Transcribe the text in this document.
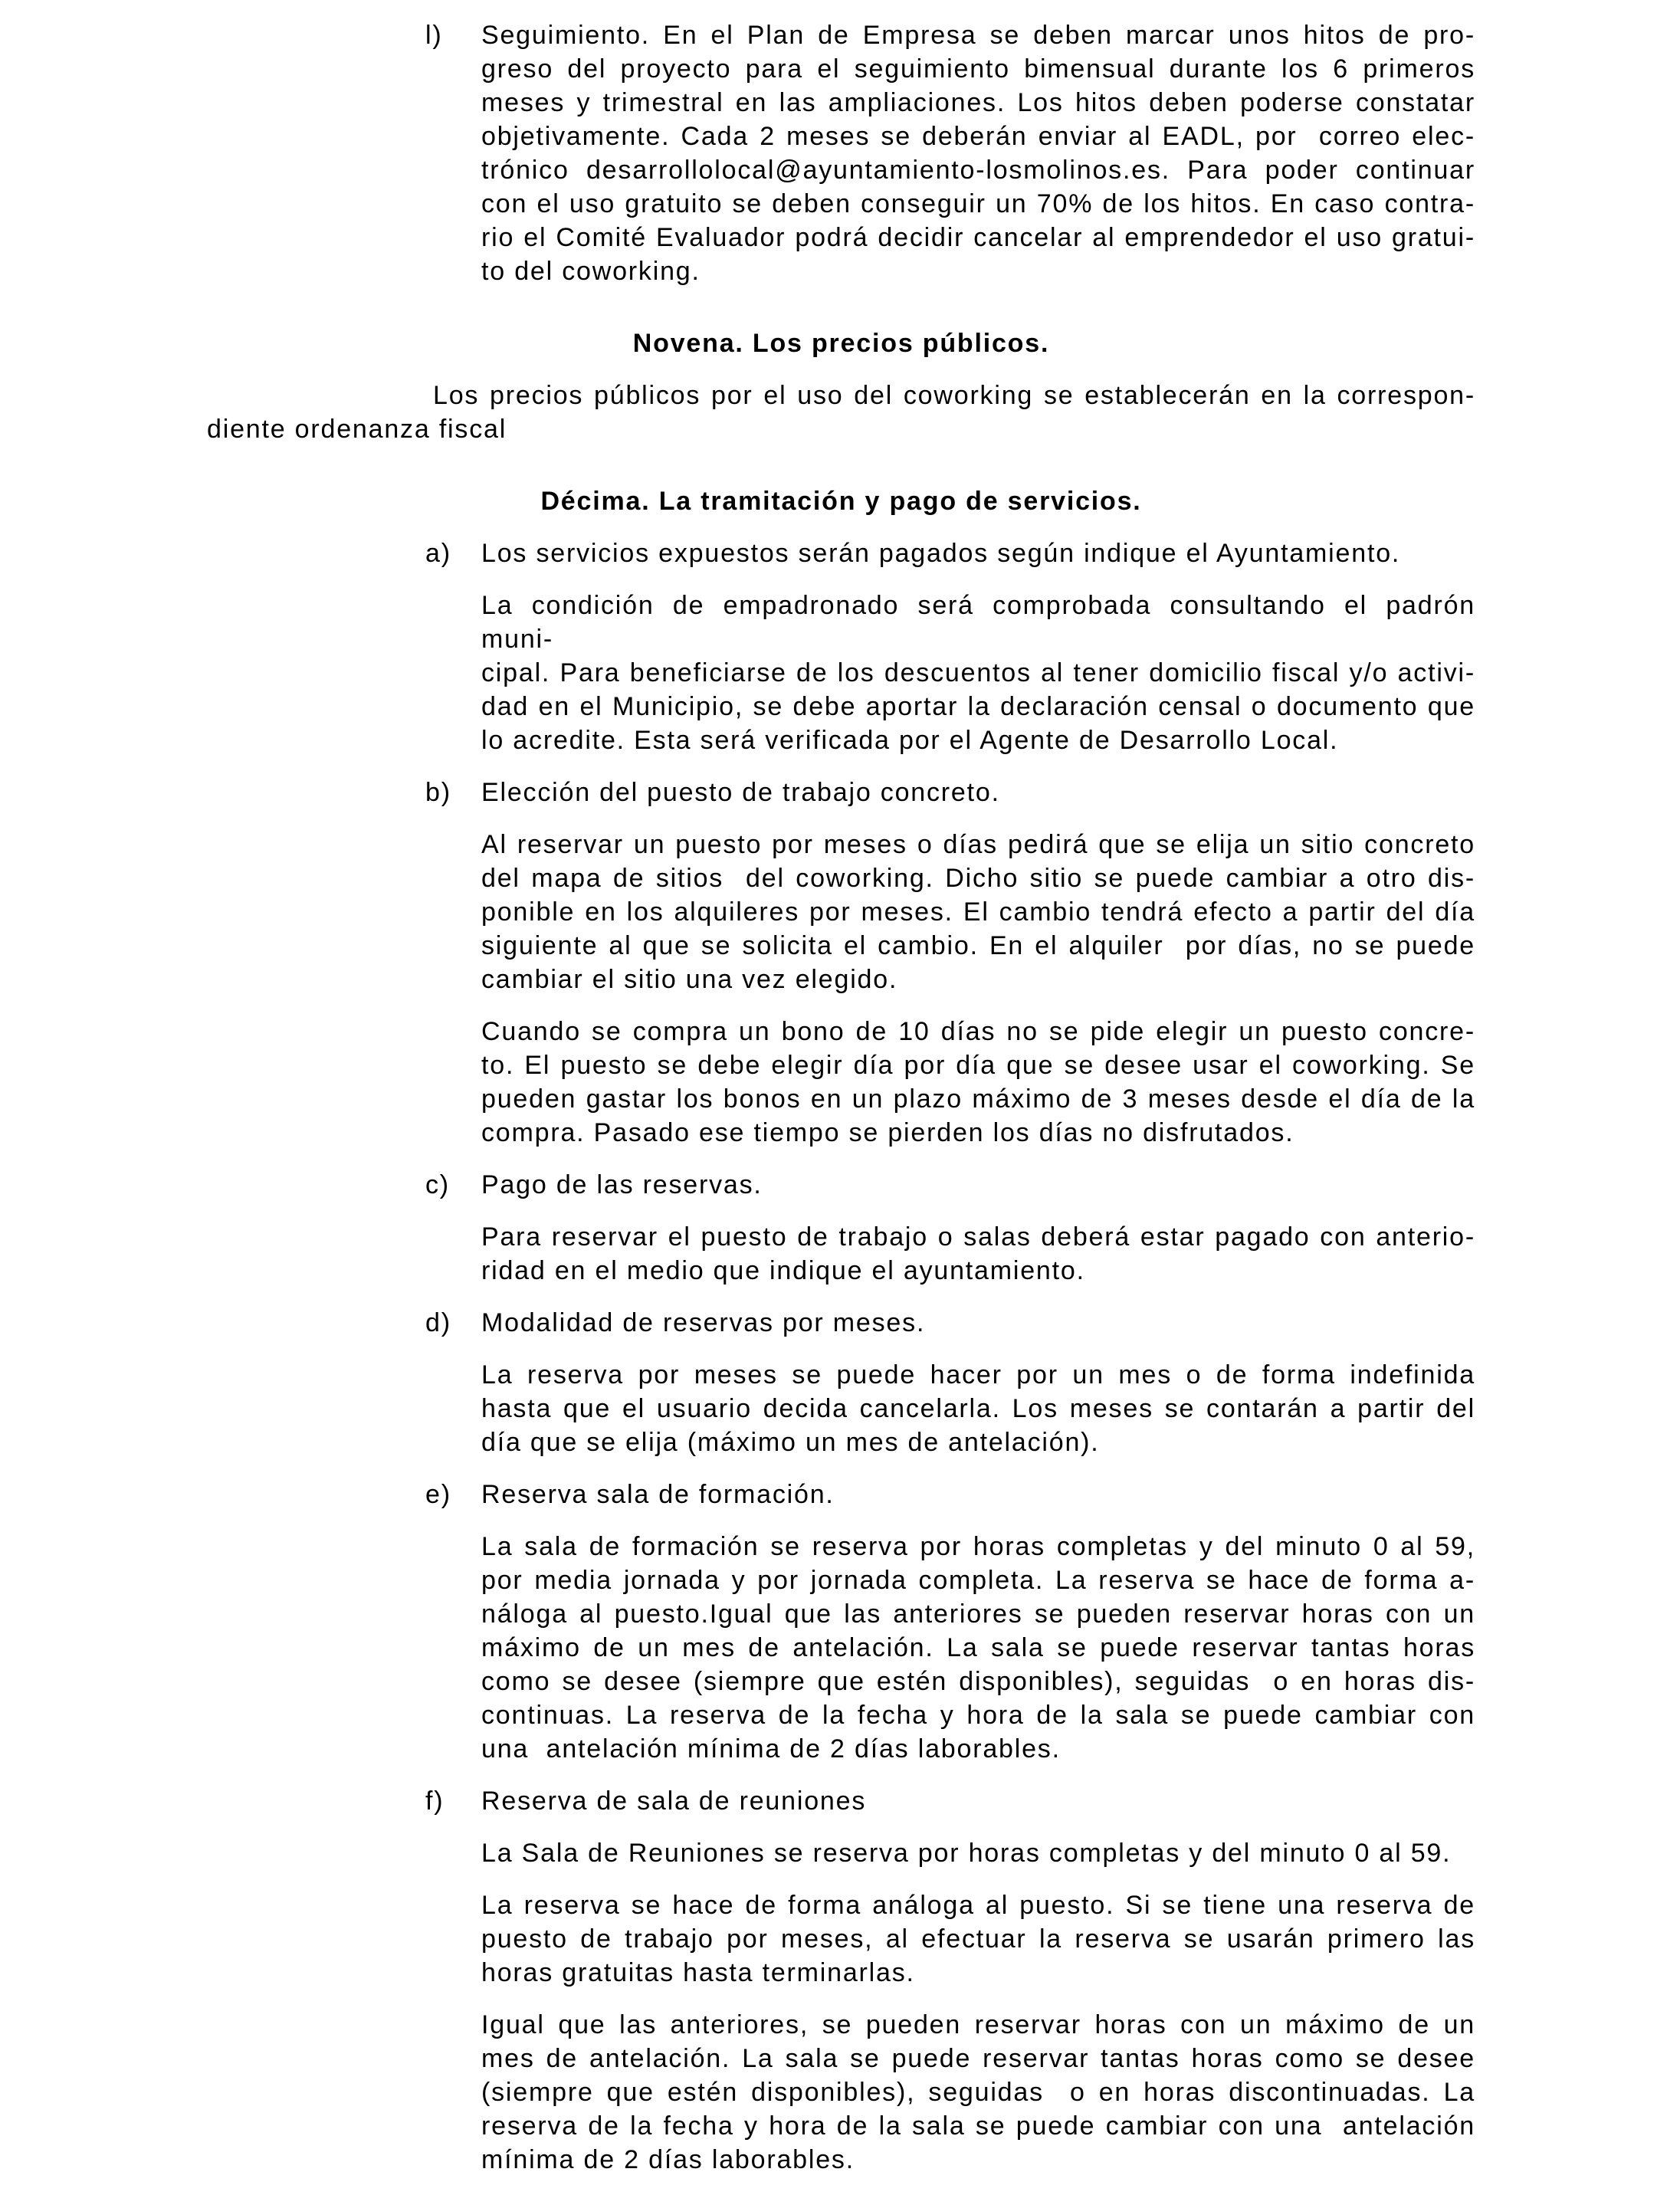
l) Seguimiento. En el Plan de Empresa se deben marcar unos hitos de pro-
greso del proyecto para el seguimiento bimensual durante los 6 primeros
meses y trimestral en las ampliaciones. Los hitos deben poderse constatar
objetivamente. Cada 2 meses se deberán enviar al EADL, por  correo elec-
trónico desarrollolocal@ayuntamiento-losmolinos.es. Para poder continuar
con el uso gratuito se deben conseguir un 70% de los hitos. En caso contra-
rio el Comité Evaluador podrá decidir cancelar al emprendedor el uso gratui-
to del coworking.
Novena. Los precios públicos.
Los precios públicos por el uso del coworking se establecerán en la correspon-
diente ordenanza fiscal
Décima. La tramitación y pago de servicios.
a) Los servicios expuestos serán pagados según indique el Ayuntamiento.
La condición de empadronado será comprobada consultando el padrón muni-
cipal. Para beneficiarse de los descuentos al tener domicilio fiscal y/o activi-
dad en el Municipio, se debe aportar la declaración censal o documento que
lo acredite. Esta será verificada por el Agente de Desarrollo Local.
b) Elección del puesto de trabajo concreto.
Al reservar un puesto por meses o días pedirá que se elija un sitio concreto
del mapa de sitios  del coworking. Dicho sitio se puede cambiar a otro dis-
ponible en los alquileres por meses. El cambio tendrá efecto a partir del día
siguiente al que se solicita el cambio. En el alquiler  por días, no se puede
cambiar el sitio una vez elegido.
Cuando se compra un bono de 10 días no se pide elegir un puesto concre-
to. El puesto se debe elegir día por día que se desee usar el coworking. Se
pueden gastar los bonos en un plazo máximo de 3 meses desde el día de la
compra. Pasado ese tiempo se pierden los días no disfrutados.
c) Pago de las reservas.
Para reservar el puesto de trabajo o salas deberá estar pagado con anterio-
ridad en el medio que indique el ayuntamiento.
d) Modalidad de reservas por meses.
La reserva por meses se puede hacer por un mes o de forma indefinida
hasta que el usuario decida cancelarla. Los meses se contarán a partir del
día que se elija (máximo un mes de antelación).
e) Reserva sala de formación.
La sala de formación se reserva por horas completas y del minuto 0 al 59,
por media jornada y por jornada completa. La reserva se hace de forma a-
náloga al puesto.Igual que las anteriores se pueden reservar horas con un
máximo de un mes de antelación. La sala se puede reservar tantas horas
como se desee (siempre que estén disponibles), seguidas  o en horas dis-
continuas. La reserva de la fecha y hora de la sala se puede cambiar con
una  antelación mínima de 2 días laborables.
f) Reserva de sala de reuniones
La Sala de Reuniones se reserva por horas completas y del minuto 0 al 59.
La reserva se hace de forma análoga al puesto. Si se tiene una reserva de
puesto de trabajo por meses, al efectuar la reserva se usarán primero las
horas gratuitas hasta terminarlas.
Igual que las anteriores, se pueden reservar horas con un máximo de un
mes de antelación. La sala se puede reservar tantas horas como se desee
(siempre que estén disponibles), seguidas  o en horas discontinuadas. La
reserva de la fecha y hora de la sala se puede cambiar con una  antelación
mínima de 2 días laborables.
